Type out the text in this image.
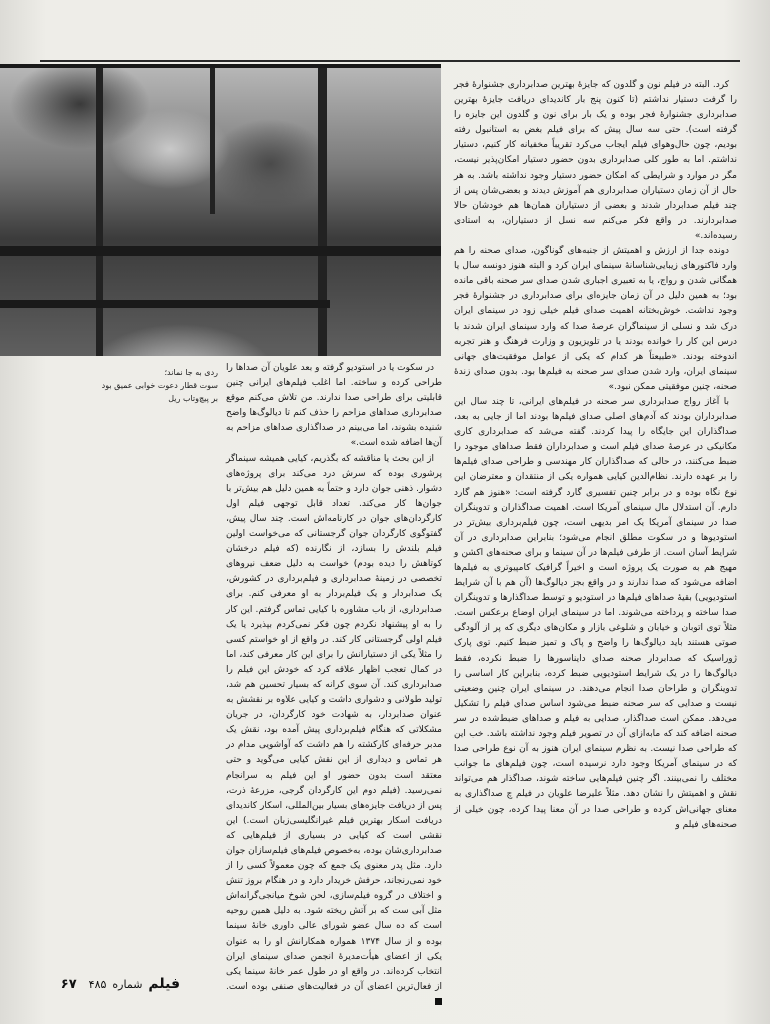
ردی به جا نماند؛
سوت قطار دعوت خوابی عمیق بود
بر پیچ‌وتاب ریل

کرد. البته در فیلم نون و گلدون که جایزهٔ بهترین صدابرداری جشنوارهٔ فجر را گرفت دستیار نداشتم (تا کنون پنج بار کاندیدای دریافت جایزهٔ بهترین صدابرداری جشنوارهٔ فجر بوده و یک بار برای نون و گلدون این جایزه را گرفته است). حتی سه سال پیش که برای فیلم بغض به استانبول رفته بودیم، چون حال‌وهوای فیلم ایجاب می‌کرد تقریباً مخفیانه کار کنیم، دستیار نداشتم. اما به طور کلی صدابرداری بدون حضور دستیار امکان‌پذیر نیست، مگر در موارد و شرایطی که امکان حضور دستیار وجود نداشته باشد. به هر حال از آن زمان دستیاران صدابرداری هم آموزش دیدند و بعضی‌شان پس از چند فیلم صدابردار شدند و بعضی از دستیاران همان‌ها هم خودشان حالا صدابردارند. در واقع فکر می‌کنم سه نسل از دستیاران، به استادی رسیده‌اند.»

دونده جدا از ارزش و اهمیتش از جنبه‌های گوناگون، صدای صحنه را هم وارد فاکتورهای زیبایی‌شناسانهٔ سینمای ایران کرد و البته هنوز دونسه سال یا همگانی شدن و رواج، یا به تعبیری اجباری شدن صدای سر صحنه باقی مانده بود؛ به همین دلیل در آن زمان جایزه‌ای برای صدابرداری در جشنوارهٔ فجر وجود نداشت. خوش‌بختانه اهمیت صدای فیلم خیلی زود در سینمای ایران درک شد و نسلی از سینماگران عرصهٔ صدا که وارد سینمای ایران شدند با درس این کار را خوانده بودند یا در تلویزیون و وزارت فرهنگ و هنر تجربه اندوخته بودند. «طبیعتاً هر کدام که یکی از عوامل موفقیت‌های جهانی سینمای ایران، وارد شدن صدای سر صحنه به فیلم‌ها بود. بدون صدای زندهٔ صحنه، چنین موفقیتی ممکن نبود.»

با آغاز رواج صدابرداری سر صحنه در فیلم‌های ایرانی، تا چند سال این صدابرداران بودند که آدم‌های اصلی صدای فیلم‌ها بودند اما از جایی به بعد، صداگذاران این جایگاه را پیدا کردند. گفته می‌شد که صدابرداری کاری مکانیکی در عرصهٔ صدای فیلم است و صدابرداران فقط صداهای موجود را ضبط می‌کنند، در حالی که صداگذاران کار مهندسی و طراحی صدای فیلم‌ها را بر عهده دارند. نظام‌الدین کیایی همواره یکی از منتقدان و معترضان این نوع نگاه بوده و در برابر چنین تفسیری گارد گرفته است: «هنوز هم گارد دارم. آن استدلال مال سینمای آمریکا است. اهمیت صداگذاران و تدوینگران صدا در سینمای آمریکا یک امر بدیهی است، چون فیلم‌برداری بیش‌تر در استودیوها و در سکوت مطلق انجام می‌شود؛ بنابراین صدابرداری در آن شرایط آسان است. از طرفی فیلم‌ها در آن سینما و برای صحنه‌های اکشن و مهیج هم به صورت یک پروژه است و اخیراً گرافیک کامپیوتری به فیلم‌ها اضافه می‌شود که صدا ندارند و در واقع بجز دیالوگ‌ها (آن هم با آن شرایط استودیویی) بقیهٔ صداهای فیلم‌ها در استودیو و توسط صداگذارها و تدوینگران صدا ساخته و پرداخته می‌شوند. اما در سینمای ایران اوضاع برعکس است. مثلاً توی اتوبان و خیابان و شلوغی بازار و مکان‌های دیگری که پر از آلودگی صوتی هستند باید دیالوگ‌ها را واضح و پاک و تمیز ضبط کنیم. توی پارک ژوراسیک که صدابردار صحنه صدای دایناسورها را ضبط نکرده، فقط دیالوگ‌ها را در یک شرایط استودیویی ضبط کرده، بنابراین کار اساسی را تدوینگران و طراحان صدا انجام می‌دهند. در سینمای ایران چنین وضعیتی نیست و صدایی که سر صحنه ضبط می‌شود اساس صدای فیلم را تشکیل می‌دهد. ممکن است صداگذار، صدایی به فیلم و صداهای ضبط‌شده در سر صحنه اضافه کند که مابه‌ازای آن در تصویر فیلم وجود نداشته باشد. خب این که طراحی صدا نیست. به نظرم سینمای ایران هنوز به آن نوع طراحی صدا که در سینمای آمریکا وجود دارد نرسیده است، چون فیلم‌های ما جوانب مختلف را نمی‌بینند. اگر چنین فیلم‌هایی ساخته شوند، صداگذار هم می‌تواند نقش و اهمیتش را نشان دهد. مثلاً علیرضا علویان در فیلم چ صداگذاری به معنای جهانی‌اش کرده و طراحی صدا در آن معنا پیدا کرده، چون خیلی از صحنه‌های فیلم و

در سکوت یا در استودیو گرفته و بعد علویان آن صداها را طراحی کرده و ساخته. اما اغلب فیلم‌های ایرانی چنین قابلیتی برای طراحی صدا ندارند. من تلاش می‌کنم موقع صدابرداری صداهای مزاحم را حذف کنم تا دیالوگ‌ها واضح شنیده بشوند، اما می‌بینم در صداگذاری صداهای مزاحم به آن‌ها اضافه شده است.»

از این بحث یا مناقشه که بگذریم، کیایی همیشه سینماگر پرشوری بوده که سرش درد می‌کند برای پروژه‌های دشوار. ذهنی جوان دارد و حتماً به همین دلیل هم بیش‌تر با جوان‌ها کار می‌کند. تعداد قابل توجهی فیلم اول کارگردان‌های جوان در کارنامه‌اش است. چند سال پیش، گفتوگوی کارگردان جوان گرجستانی که می‌خواست اولین فیلم بلندش را بسازد، از نگارنده (که فیلم درخشان کوتاهش را دیده بودم) خواست به دلیل ضعف نیروهای تخصصی در زمینهٔ صدابرداری و فیلم‌برداری در کشورش، یک صدابردار و یک فیلم‌بردار به او معرفی کنم. برای صدابرداری، از باب مشاوره با کیایی تماس گرفتم. این کار را به او پیشنهاد نکردم چون فکر نمی‌کردم بپذیرد یا یک فیلم اولی گرجستانی کار کند. در واقع از او خواستم کسی را مثلاً یکی از دستیارانش را برای این کار معرفی کند، اما در کمال تعجب اظهار علاقه کرد که خودش این فیلم را صدابرداری کند. آن سوی کرانه که بسیار تحسین هم شد، تولید طولانی و دشواری داشت و کیایی علاوه بر نقشش به عنوان صدابردار، به شهادت خود کارگردان، در جریان مشکلاتی که هنگام فیلم‌برداری پیش آمده بود، نقش یک مدبر حرفه‌ای کارکشته را هم داشت که آواشویی مدام در هر تماس و دیداری از این نقش کیایی می‌گوید و حتی معتقد است بدون حضور او این فیلم به سرانجام نمی‌رسید. (فیلم دوم این کارگردان گرجی، مزرعهٔ ذرت، پس از دریافت جایزه‌های بسیار بین‌المللی، اسکار کاندیدای دریافت اسکار بهترین فیلم غیرانگلیسی‌زبان است.) این نقشی است که کیایی در بسیاری از فیلم‌هایی که صدابرداری‌شان بوده، به‌خصوص فیلم‌های فیلم‌سازان جوان دارد. مثل پدر معنوی یک جمع که چون معمولاً کسی را از خود نمی‌رنجاند، حرفش خریدار دارد و در هنگام بروز تنش و اختلاف در گروه فیلم‌سازی، لحن شوخ میانجی‌گرانه‌اش مثل آبی ست که بر آتش ریخته شود. به دلیل همین روحیه است که ده سال عضو شورای عالی داوری خانهٔ سینما بوده و از سال ۱۳۷۴ همواره همکارانش او را به عنوان یکی از اعضای هیأت‌مدیرهٔ انجمن صدای سینمای ایران انتخاب کرده‌اند. در واقع او در طول عمر خانهٔ سینما یکی از فعال‌ترین اعضای آن در فعالیت‌های صنفی بوده است.

فیلم
شماره
۴۸۵
۶۷
